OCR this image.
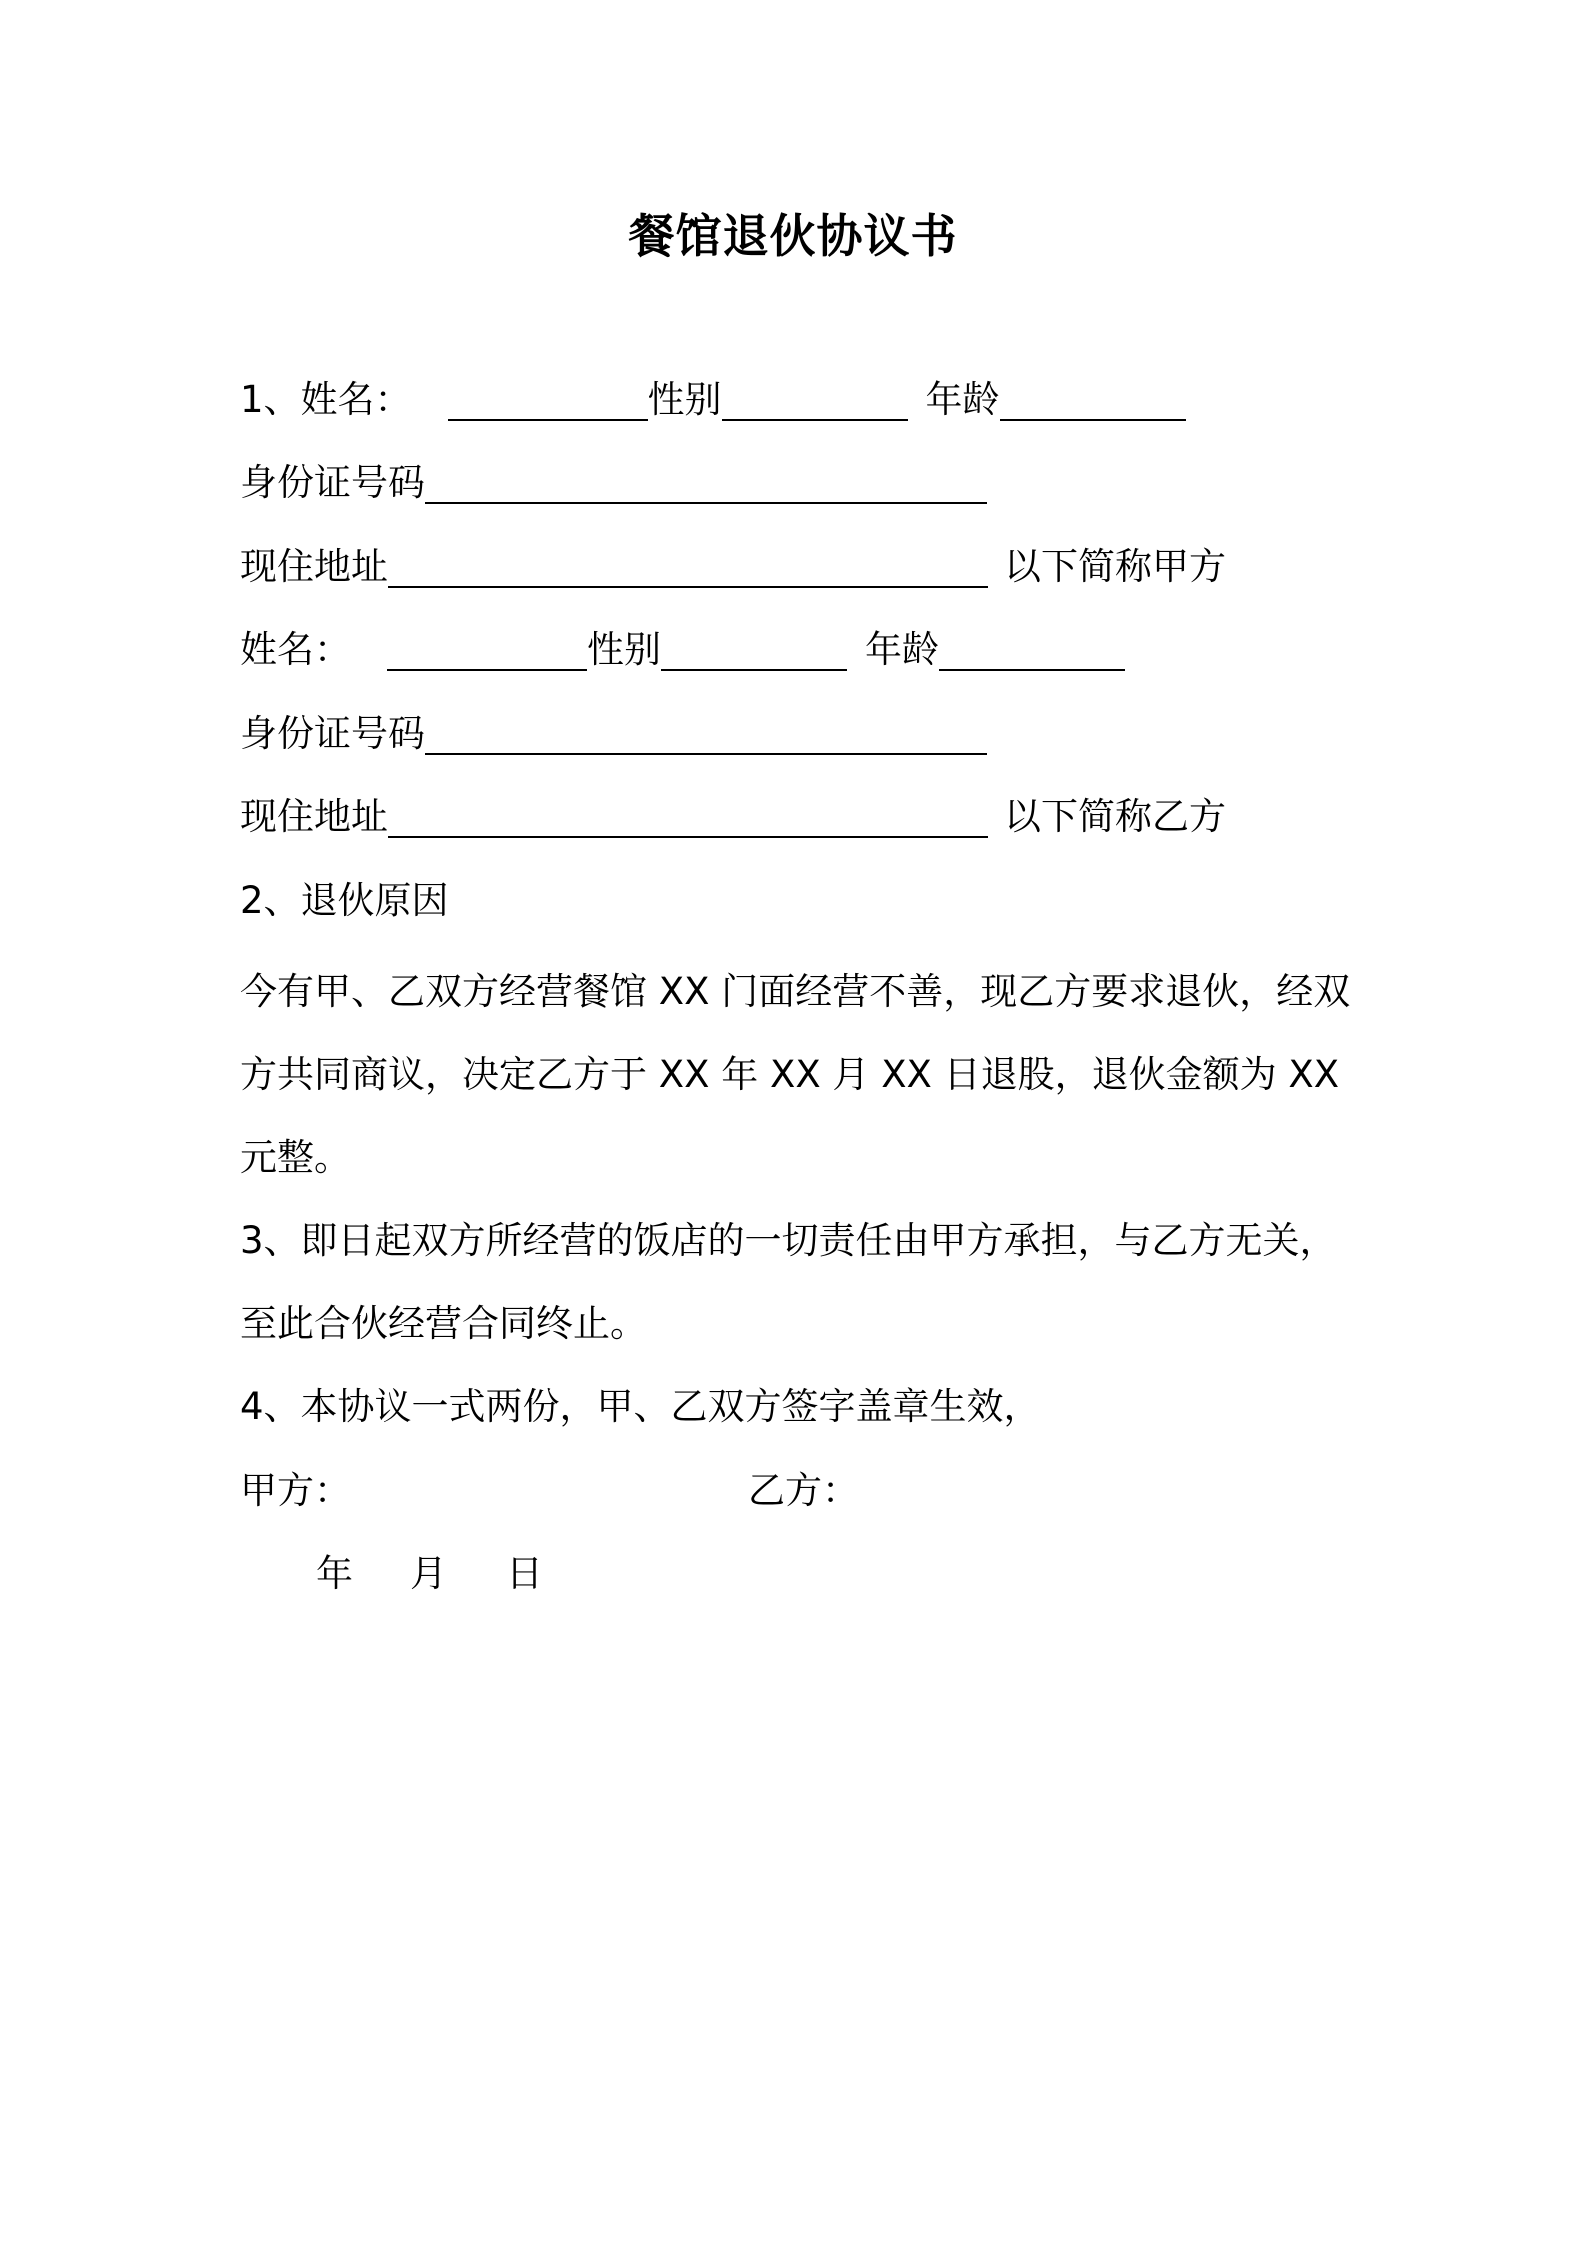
餐馆退伙协议书
1、姓名：	性别	年龄
身份证号码
现住地址	以下简称甲方
姓名：	性别	年龄
身份证号码
现住地址	以下简称乙方
2、退伙原因
今有甲、乙双方经营餐馆 XX 门面经营不善，现乙方要求退伙，经双方共同商议，决定乙方于 XX 年 XX 月 XX 日退股，退伙金额为 XX 元整。
3、即日起双方所经营的饭店的一切责任由甲方承担，与乙方无关，至此合伙经营合同终止。
4、本协议一式两份，甲、乙双方签字盖章生效，
甲方：	乙方：
年 月 日
